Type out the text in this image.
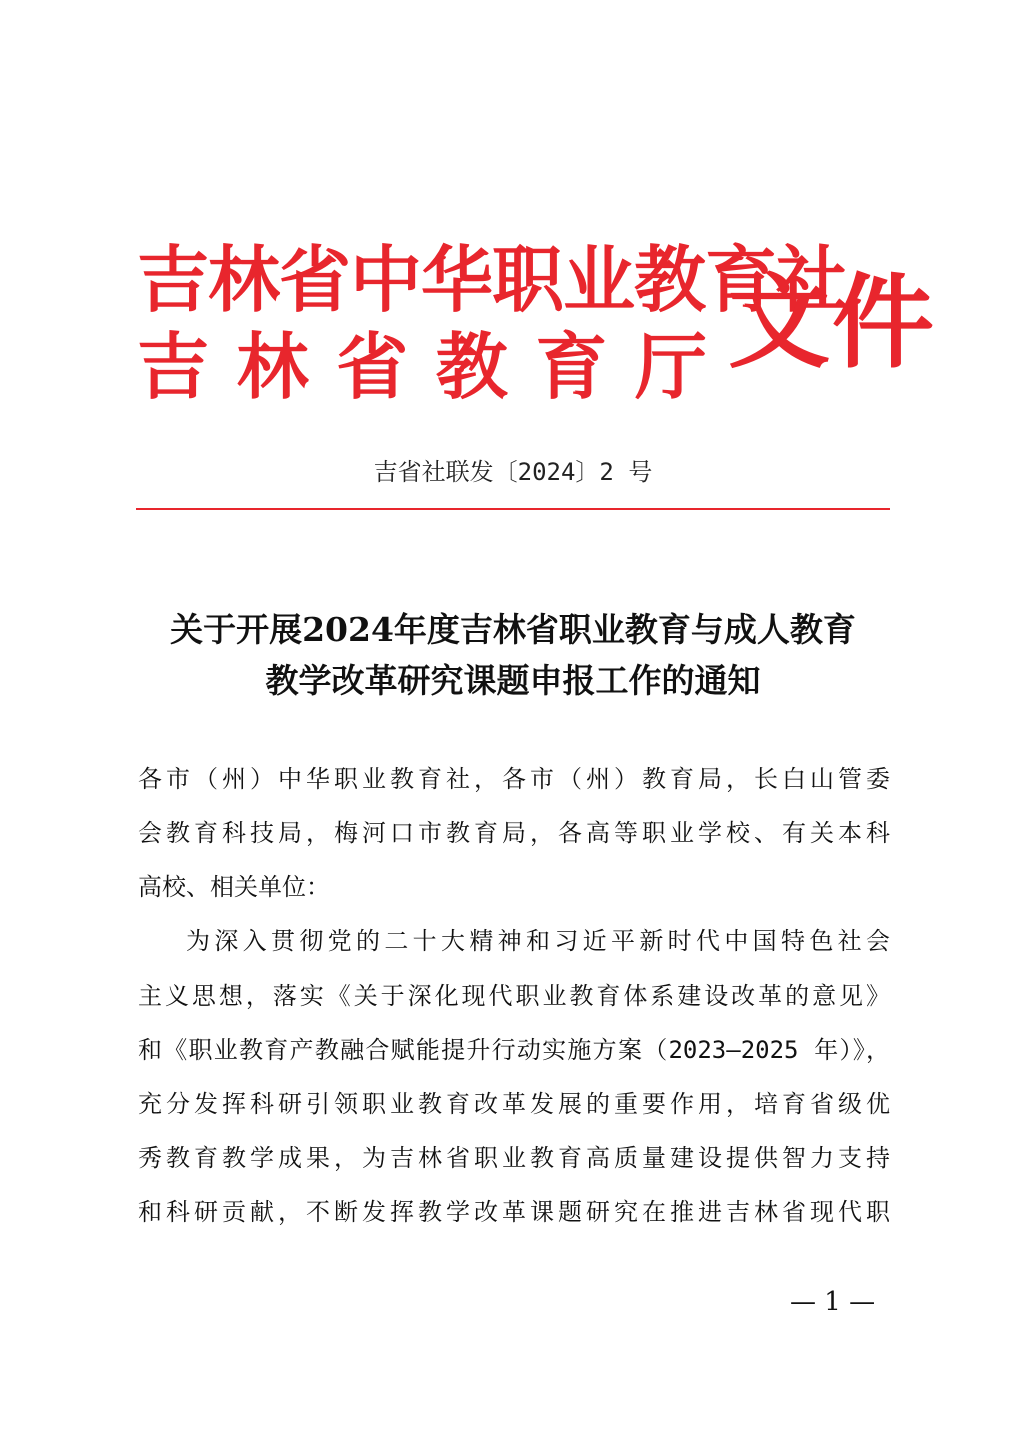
吉林省中华职业教育社
吉 林 省 教 育 厅 文件
吉省社联发〔2024〕2 号
关于开展2024年度吉林省职业教育与成人教育
教学改革研究课题申报工作的通知
各市（州）中华职业教育社，各市（州）教育局，长白山管委
会教育科技局，梅河口市教育局，各高等职业学校、有关本科
高校、相关单位：
为深入贯彻党的二十大精神和习近平新时代中国特色社会
主义思想，落实《关于深化现代职业教育体系建设改革的意见》
和《职业教育产教融合赋能提升行动实施方案（2023—2025 年）》，
充分发挥科研引领职业教育改革发展的重要作用，培育省级优
秀教育教学成果，为吉林省职业教育高质量建设提供智力支持
和科研贡献，不断发挥教学改革课题研究在推进吉林省现代职
— 1 —
